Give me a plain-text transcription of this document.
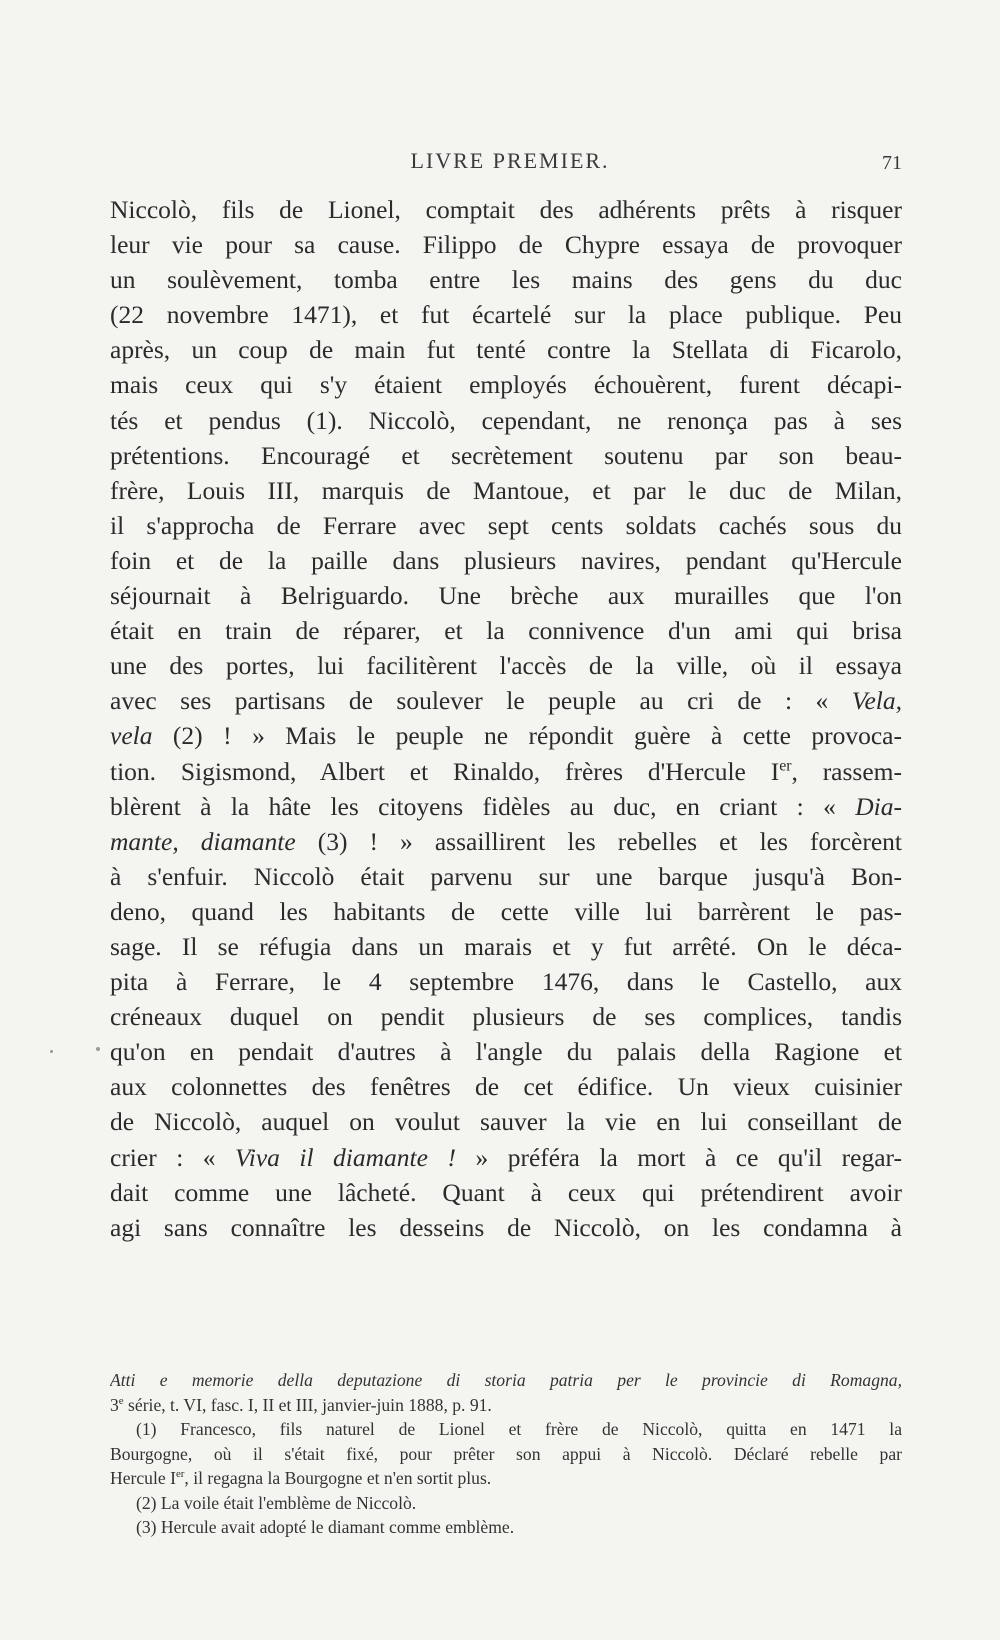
LIVRE PREMIER.	71
Niccolò, fils de Lionel, comptait des adhérents prêts à risquer
leur vie pour sa cause. Filippo de Chypre essaya de provoquer
un soulèvement, tomba entre les mains des gens du duc
(22 novembre 1471), et fut écartelé sur la place publique. Peu
après, un coup de main fut tenté contre la Stellata di Ficarolo,
mais ceux qui s'y étaient employés échouèrent, furent décapi-
tés et pendus (1). Niccolò, cependant, ne renonça pas à ses
prétentions. Encouragé et secrètement soutenu par son beau-
frère, Louis III, marquis de Mantoue, et par le duc de Milan,
il s'approcha de Ferrare avec sept cents soldats cachés sous du
foin et de la paille dans plusieurs navires, pendant qu'Hercule
séjournait à Belriguardo. Une brèche aux murailles que l'on
était en train de réparer, et la connivence d'un ami qui brisa
une des portes, lui facilitèrent l'accès de la ville, où il essaya
avec ses partisans de soulever le peuple au cri de : « Vela,
vela (2) ! » Mais le peuple ne répondit guère à cette provoca-
tion. Sigismond, Albert et Rinaldo, frères d'Hercule Ier, rassem-
blèrent à la hâte les citoyens fidèles au duc, en criant : « Dia-
mante, diamante (3) ! » assaillirent les rebelles et les forcèrent
à s'enfuir. Niccolò était parvenu sur une barque jusqu'à Bon-
deno, quand les habitants de cette ville lui barrèrent le pas-
sage. Il se réfugia dans un marais et y fut arrêté. On le déca-
pita à Ferrare, le 4 septembre 1476, dans le Castello, aux
créneaux duquel on pendit plusieurs de ses complices, tandis
qu'on en pendait d'autres à l'angle du palais della Ragione et
aux colonnettes des fenêtres de cet édifice. Un vieux cuisinier
de Niccolò, auquel on voulut sauver la vie en lui conseillant de
crier : « Viva il diamante ! » préféra la mort à ce qu'il regar-
dait comme une lâcheté. Quant à ceux qui prétendirent avoir
agi sans connaître les desseins de Niccolò, on les condamna à
Atti e memorie della deputazione di storia patria per le provincie di Romagna,
3e série, t. VI, fasc. I, II et III, janvier-juin 1888, p. 91.
(1) Francesco, fils naturel de Lionel et frère de Niccolò, quitta en 1471 la
Bourgogne, où il s'était fixé, pour prêter son appui à Niccolò. Déclaré rebelle par
Hercule Ier, il regagna la Bourgogne et n'en sortit plus.
(2) La voile était l'emblème de Niccolò.
(3) Hercule avait adopté le diamant comme emblème.
